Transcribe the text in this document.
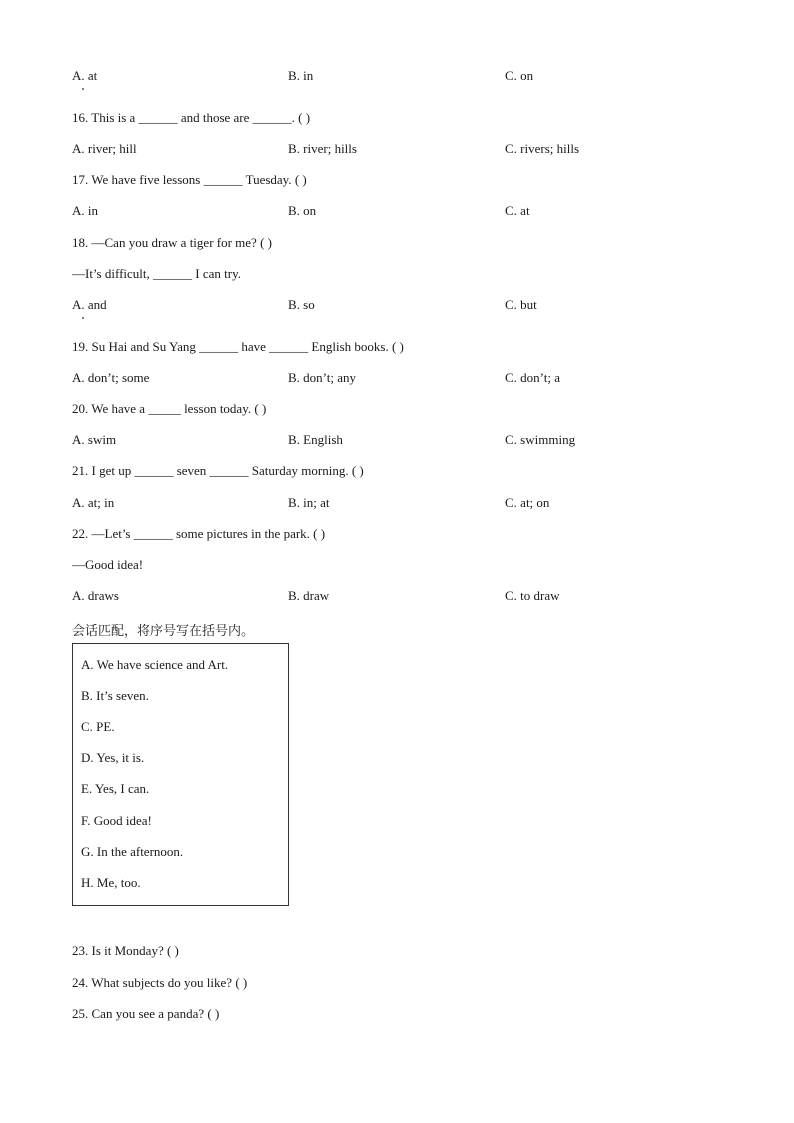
A. at	B. in	C. on
16. This is a ______ and those are ______. ( )
A. river; hill	B. river; hills	C. rivers; hills
17. We have five lessons ______ Tuesday. ( )
A. in	B. on	C. at
18. —Can you draw a tiger for me? ( )
—It’s difficult, ______ I can try.
A. and	B. so	C. but
19. Su Hai and Su Yang ______ have ______ English books. ( )
A. don’t; some	B. don’t; any	C. don’t; a
20. We have a _____ lesson today. ( )
A. swim	B. English	C. swimming
21. I get up ______ seven ______ Saturday morning. ( )
A. at; in	B. in; at	C. at; on
22. —Let’s ______ some pictures in the park. ( )
—Good idea!
A. draws	B. draw	C. to draw
会话匹配，将序号写在括号内。
A. We have science and Art.
B. It’s seven.
C. PE.
D. Yes, it is.
E. Yes, I can.
F. Good idea!
G. In the afternoon.
H. Me, too.
23. Is it Monday? ( )
24. What subjects do you like? ( )
25. Can you see a panda? ( )
